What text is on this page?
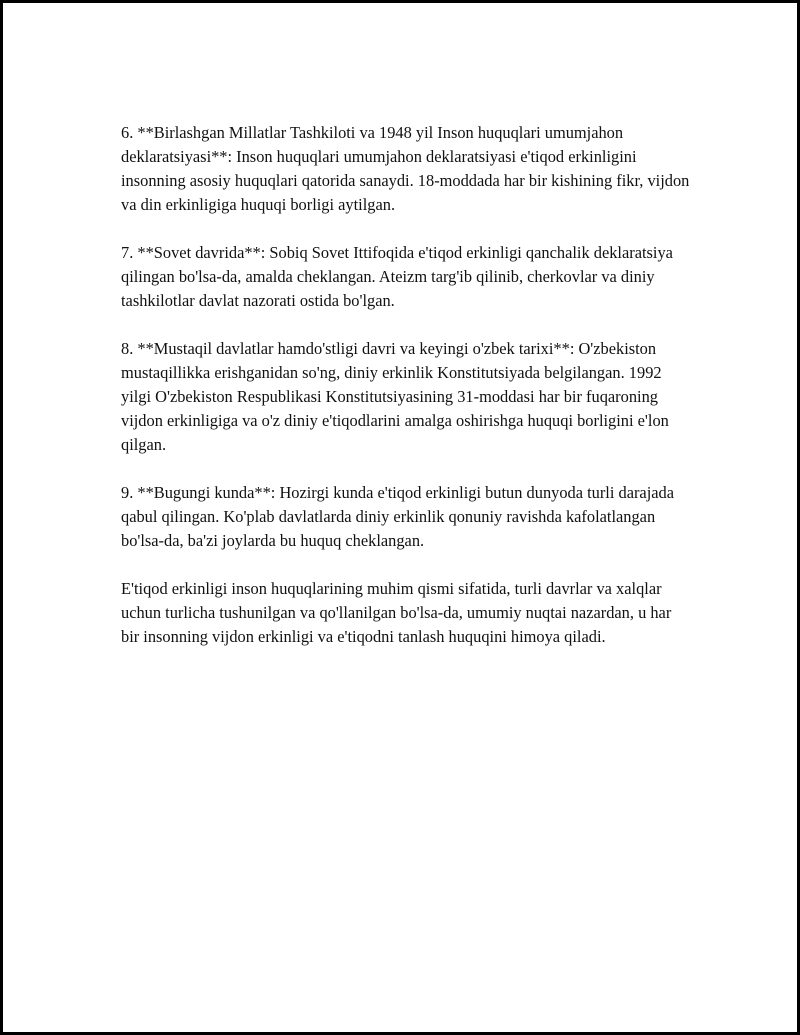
6. **Birlashgan Millatlar Tashkiloti va 1948 yil Inson huquqlari umumjahon deklaratsiyasi**: Inson huquqlari umumjahon deklaratsiyasi e'tiqod erkinligini insonning asosiy huquqlari qatorida sanaydi. 18-moddada har bir kishining fikr, vijdon va din erkinligiga huquqi borligi aytilgan.

7. **Sovet davrida**: Sobiq Sovet Ittifoqida e'tiqod erkinligi qanchalik deklaratsiya qilingan bo'lsa-da, amalda cheklangan. Ateizm targ'ib qilinib, cherkovlar va diniy tashkilotlar davlat nazorati ostida bo'lgan.

8. **Mustaqil davlatlar hamdo'stligi davri va keyingi o'zbek tarixi**: O'zbekiston mustaqillikka erishganidan so'ng, diniy erkinlik Konstitutsiyada belgilangan. 1992 yilgi O'zbekiston Respublikasi Konstitutsiyasining 31-moddasi har bir fuqaroning vijdon erkinligiga va o'z diniy e'tiqodlarini amalga oshirishga huquqi borligini e'lon qilgan.

9. **Bugungi kunda**: Hozirgi kunda e'tiqod erkinligi butun dunyoda turli darajada qabul qilingan. Ko'plab davlatlarda diniy erkinlik qonuniy ravishda kafolatlangan bo'lsa-da, ba'zi joylarda bu huquq cheklangan.

E'tiqod erkinligi inson huquqlarining muhim qismi sifatida, turli davrlar va xalqlar uchun turlicha tushunilgan va qo'llanilgan bo'lsa-da, umumiy nuqtai nazardan, u har bir insonning vijdon erkinligi va e'tiqodni tanlash huquqini himoya qiladi.
